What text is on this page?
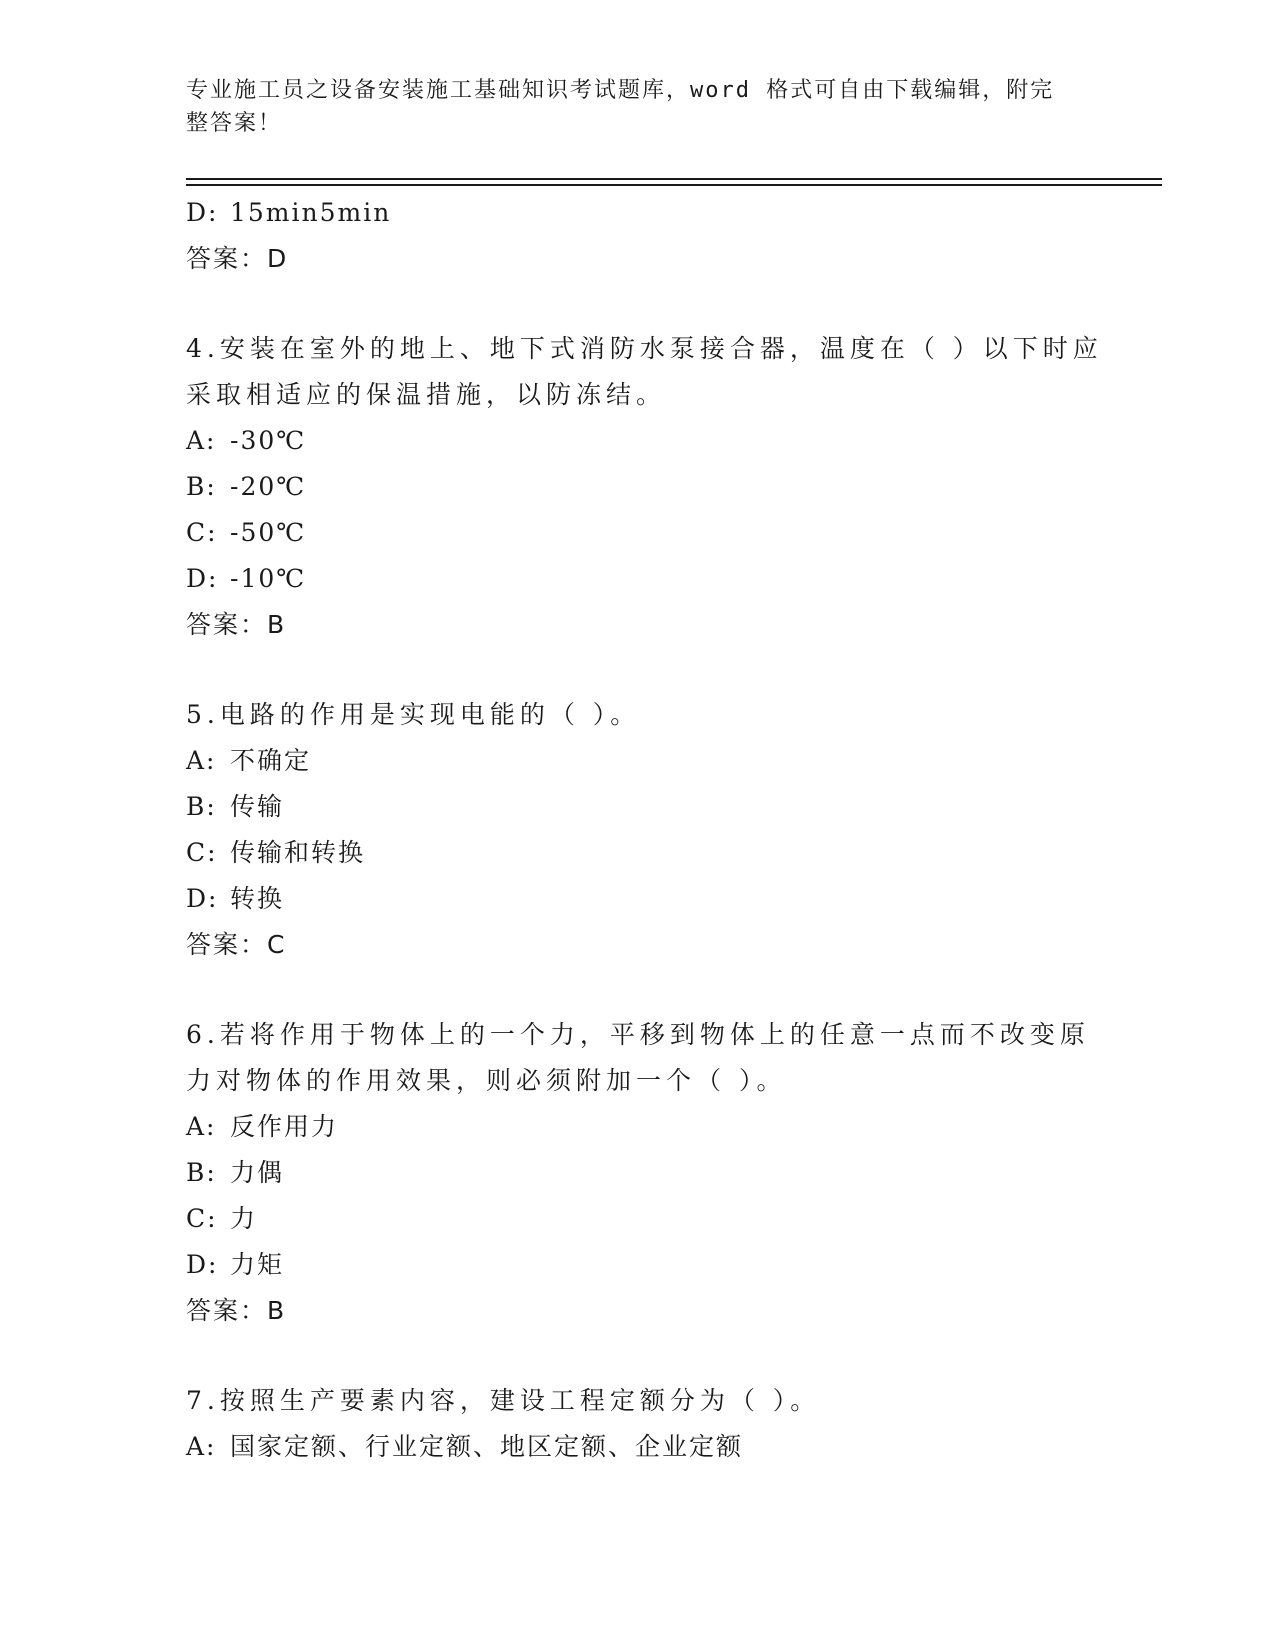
专业施工员之设备安装施工基础知识考试题库，word 格式可自由下载编辑，附完整答案！
D: 15min5min
答案：D
4.安装在室外的地上、地下式消防水泵接合器，温度在（ ）以下时应
采取相适应的保温措施，以防冻结。
A: -30℃
B: -20℃
C: -50℃
D: -10℃
答案：B
5.电路的作用是实现电能的（ ）。
A: 不确定
B: 传输
C: 传输和转换
D: 转换
答案：C
6.若将作用于物体上的一个力，平移到物体上的任意一点而不改变原
力对物体的作用效果，则必须附加一个（ ）。
A: 反作用力
B: 力偶
C: 力
D: 力矩
答案：B
7.按照生产要素内容，建设工程定额分为（ ）。
A: 国家定额、行业定额、地区定额、企业定额
